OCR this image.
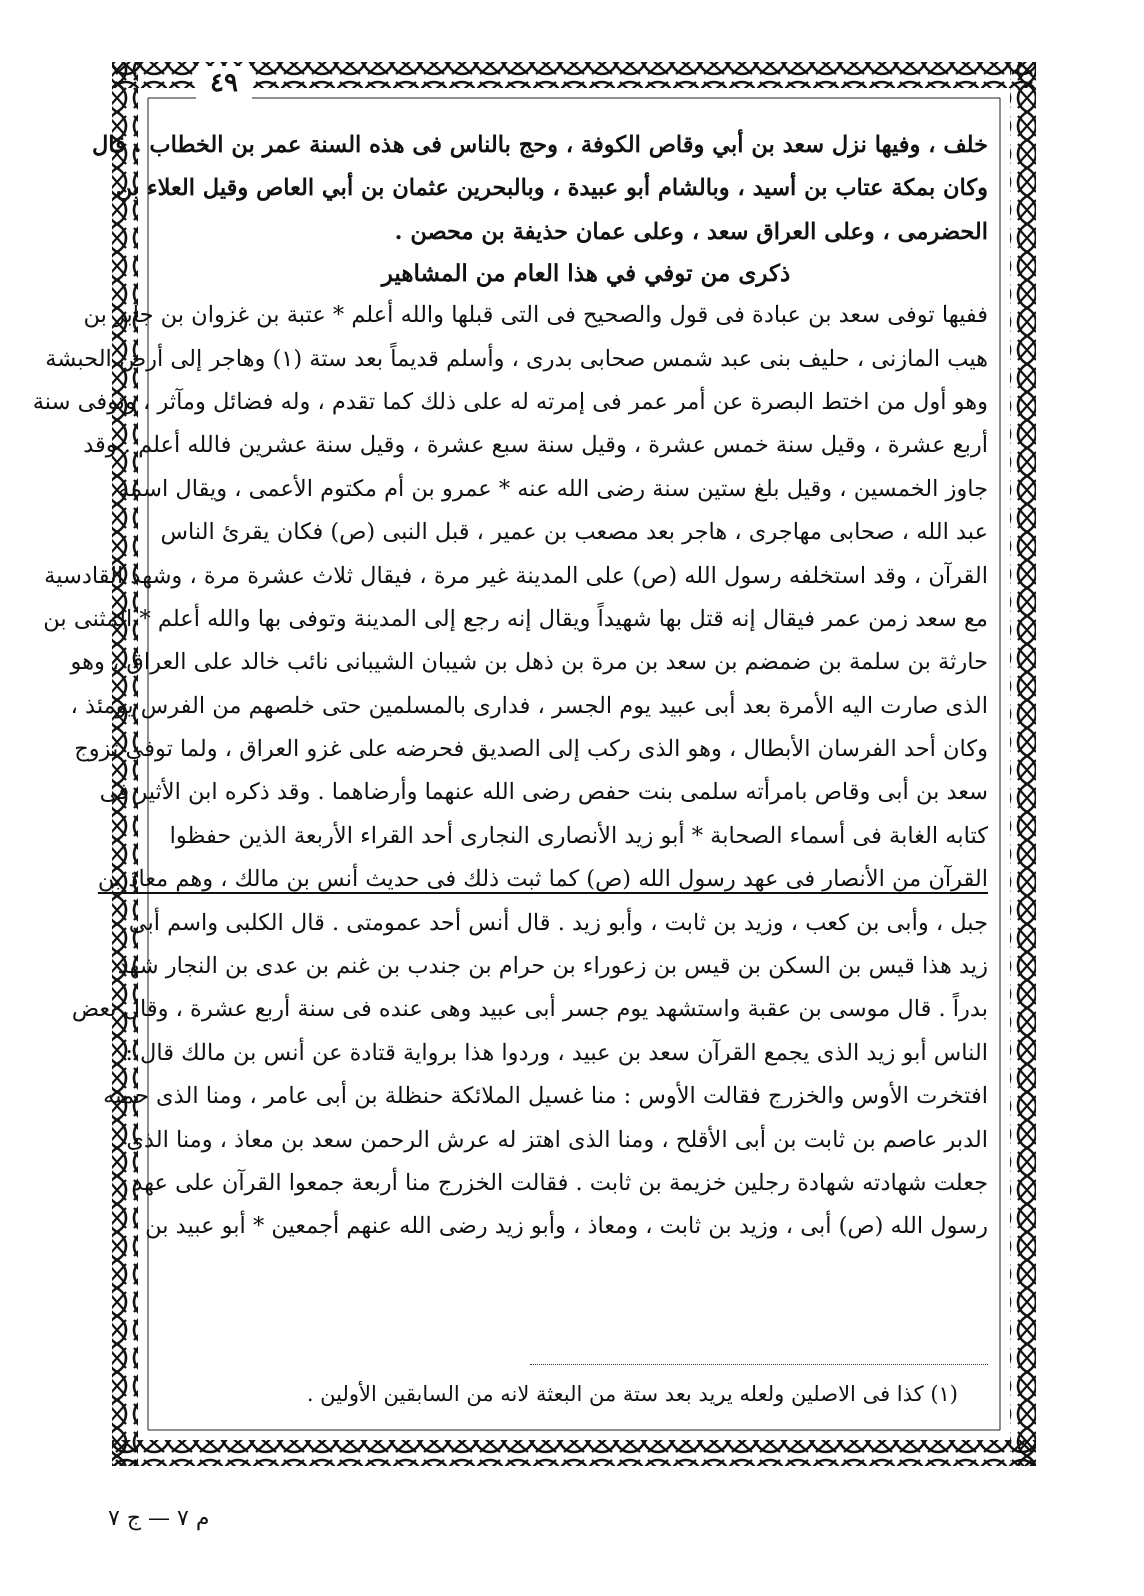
٤٩
خلف ، وفيها نزل سعد بن أبي وقاص الكوفة ، وحج بالناس فى هذه السنة عمر بن الخطاب . قال
وكان بمكة عتاب بن أسيد ، وبالشام أبو عبيدة ، وبالبحرين عثمان بن أبي العاص وقيل العلاء بن
الحضرمى ، وعلى العراق سعد ، وعلى عمان حذيفة بن محصن .
ذكرى من توفي في هذا العام من المشاهير
ففيها توفى سعد بن عبادة فى قول والصحيح فى التى قبلها والله أعلم * عتبة بن غزوان بن جابر بن
هيب المازنى ، حليف بنى عبد شمس صحابى بدرى ، وأسلم قديماً بعد ستة (١) وهاجر إلى أرض الحبشة
وهو أول من اختط البصرة عن أمر عمر فى إمرته له على ذلك كما تقدم ، وله فضائل ومآثر ، وتوفى سنة
أربع عشرة ، وقيل سنة خمس عشرة ، وقيل سنة سبع عشرة ، وقيل سنة عشرين فالله أعلم . وقد
جاوز الخمسين ، وقيل بلغ ستين سنة رضى الله عنه * عمرو بن أم مكتوم الأعمى ، ويقال اسمه
عبد الله ، صحابى مهاجرى ، هاجر بعد مصعب بن عمير ، قبل النبى (ص) فكان يقرئ الناس
القرآن ، وقد استخلفه رسول الله (ص) على المدينة غير مرة ، فيقال ثلاث عشرة مرة ، وشهد القادسية
مع سعد زمن عمر فيقال إنه قتل بها شهيداً ويقال إنه رجع إلى المدينة وتوفى بها والله أعلم * المثنى بن
حارثة بن سلمة بن ضمضم بن سعد بن مرة بن ذهل بن شيبان الشيبانى نائب خالد على العراق ، وهو
الذى صارت اليه الأمرة بعد أبى عبيد يوم الجسر ، فدارى بالمسلمين حتى خلصهم من الفرس يومئذ ،
وكان أحد الفرسان الأبطال ، وهو الذى ركب إلى الصديق فحرضه على غزو العراق ، ولما توفى تزوج
سعد بن أبى وقاص بامرأته سلمى بنت حفص رضى الله عنهما وأرضاهما . وقد ذكره ابن الأثير فى
كتابه الغابة فى أسماء الصحابة * أبو زيد الأنصارى النجارى أحد القراء الأربعة الذين حفظوا
القرآن من الأنصار فى عهد رسول الله (ص) كما ثبت ذلك فى حديث أنس بن مالك ، وهم معاذ بن
جبل ، وأبى بن كعب ، وزيد بن ثابت ، وأبو زيد . قال أنس أحد عمومتى . قال الكلبى واسم أبى
زيد هذا قيس بن السكن بن قيس بن زعوراء بن حرام بن جندب بن غنم بن عدى بن النجار شهد
بدراً . قال موسى بن عقبة واستشهد يوم جسر أبى عبيد وهى عنده فى سنة أربع عشرة ، وقال بعض
الناس أبو زيد الذى يجمع القرآن سعد بن عبيد ، وردوا هذا برواية قتادة عن أنس بن مالك قال :
افتخرت الأوس والخزرج فقالت الأوس : منا غسيل الملائكة حنظلة بن أبى عامر ، ومنا الذى حمته
الدبر عاصم بن ثابت بن أبى الأقلح ، ومنا الذى اهتز له عرش الرحمن سعد بن معاذ ، ومنا الذى
جعلت شهادته شهادة رجلين خزيمة بن ثابت . فقالت الخزرج منا أربعة جمعوا القرآن على عهد
رسول الله (ص) أبى ، وزيد بن ثابت ، ومعاذ ، وأبو زيد رضى الله عنهم أجمعين * أبو عبيد بن
(١) كذا فى الاصلين ولعله يريد بعد ستة من البعثة لانه من السابقين الأولين .
م ٧ — ج ٧
